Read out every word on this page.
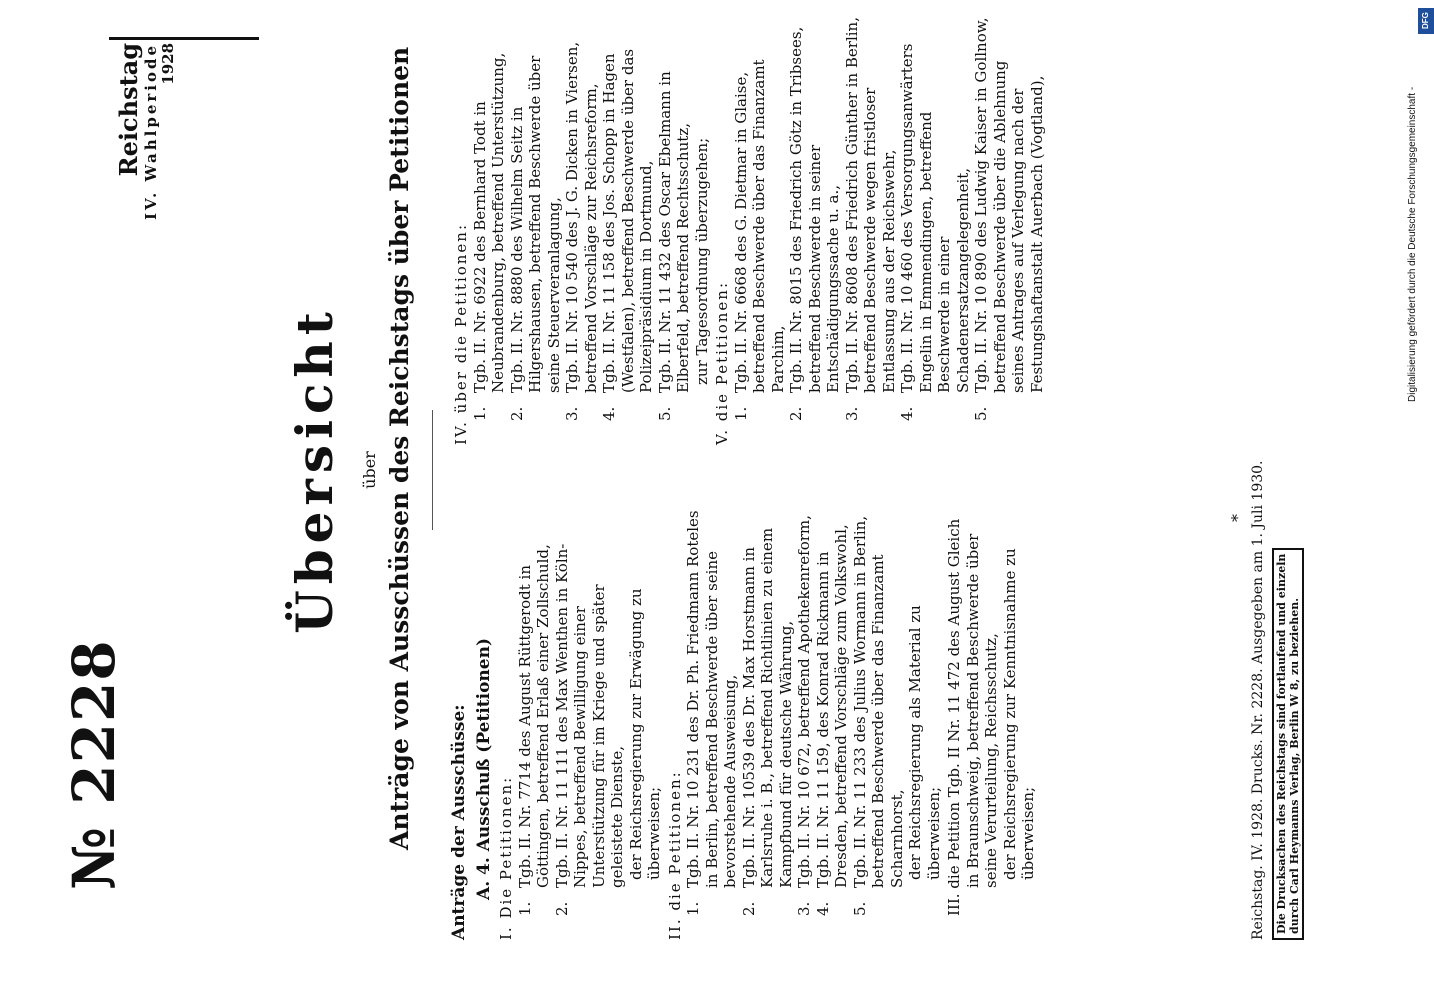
№ 2228
Reichstag
IV. Wahlperiode 1928
Übersicht über Anträge von Ausschüssen des Reichstags über Petitionen Anträge der Ausschüsse: A. 4. Ausschuß (Petitionen) I. Die Petitionen: 1.Tgb. II. Nr. 7714 des August Rüttgerodt in Göttingen, betreffend Erlaß einer Zollschuld,

2.Tgb. II. Nr. 11 111 des Max Wenthen in Köln-Nippes, betreffend Bewilligung einer Unterstützung für im Kriege und später geleistete Dienste, der Reichsregierung zur Erwägung zu überweisen; II. die Petitionen: 1.Tgb. II. Nr. 10 231 des Dr. Ph. Friedmann Roteles in Berlin, betreffend Beschwerde über seine bevorstehende Ausweisung,

2.Tgb. II. Nr. 10539 des Dr. Max Horstmann in Karlsruhe i. B., betreffend Richtlinien zu einem Kampfbund für deutsche Währung,

3.Tgb. II. Nr. 10 672, betreffend Apothekenreform,

4.Tgb. II. Nr. 11 159, des Konrad Rickmann in Dresden, betreffend Vorschläge zum Volkswohl,

5.Tgb. II. Nr. 11 233 des Julius Wormann in Berlin, betreffend Beschwerde über das Finanzamt Scharnhorst, der Reichsregierung als Material zu überweisen; III. die Petition Tgb. II Nr. 11 472 des August Gleich in Braunschweig, betreffend Beschwerde über seine Verurteilung, Reichsschutz, der Reichsregierung zur Kenntnisnahme zu überweisen;

IV. über die Petitionen: 1.Tgb. II. Nr. 6922 des Bernhard Todt in Neubrandenburg, betreffend Unterstützung,

2.Tgb. II. Nr. 8880 des Wilhelm Seitz in Hilgershausen, betreffend Beschwerde über seine Steuerveranlagung,

3.Tgb. II. Nr. 10 540 des J. G. Dicken in Viersen, betreffend Vorschläge zur Reichsreform,

4.Tgb. II. Nr. 11 158 des Jos. Schopp in Hagen (Westfalen), betreffend Beschwerde über das Polizeipräsidium in Dortmund,

5.Tgb. II. Nr. 11 432 des Oscar Ebelmann in Elberfeld, betreffend Rechtsschutz, zur Tagesordnung überzugehen; V. die Petitionen: 1.Tgb. II. Nr. 6668 des G. Dietmar in Glaise, betreffend Beschwerde über das Finanzamt Parchim,

2.Tgb. II. Nr. 8015 des Friedrich Götz in Tribsees, betreffend Beschwerde in seiner Entschädigungssache u. a.,

3.Tgb. II. Nr. 8608 des Friedrich Günther in Berlin, betreffend Beschwerde wegen fristloser Entlassung aus der Reichswehr,

4.Tgb. II. Nr. 10 460 des Versorgungsanwärters Engelin in Emmendingen, betreffend Beschwerde in einer Schadenersatzangelegenheit,

5.Tgb. II. Nr. 10 890 des Ludwig Kaiser in Gollnow, betreffend Beschwerde über die Ablehnung seines Antrages auf Verlegung nach der Festungshaftanstalt Auerbach (Vogtland),

Reichstag. IV. 1928. Drucks. Nr. 2228. Ausgegeben am 1. Juli 1930.
*
Die Drucksachen des Reichstags sind fortlaufend und einzeln durch Carl Heymanns Verlag, Berlin W 8, zu beziehen.
Digitalisierung gefördert durch die Deutsche Forschungsgemeinschaft -
DFG
